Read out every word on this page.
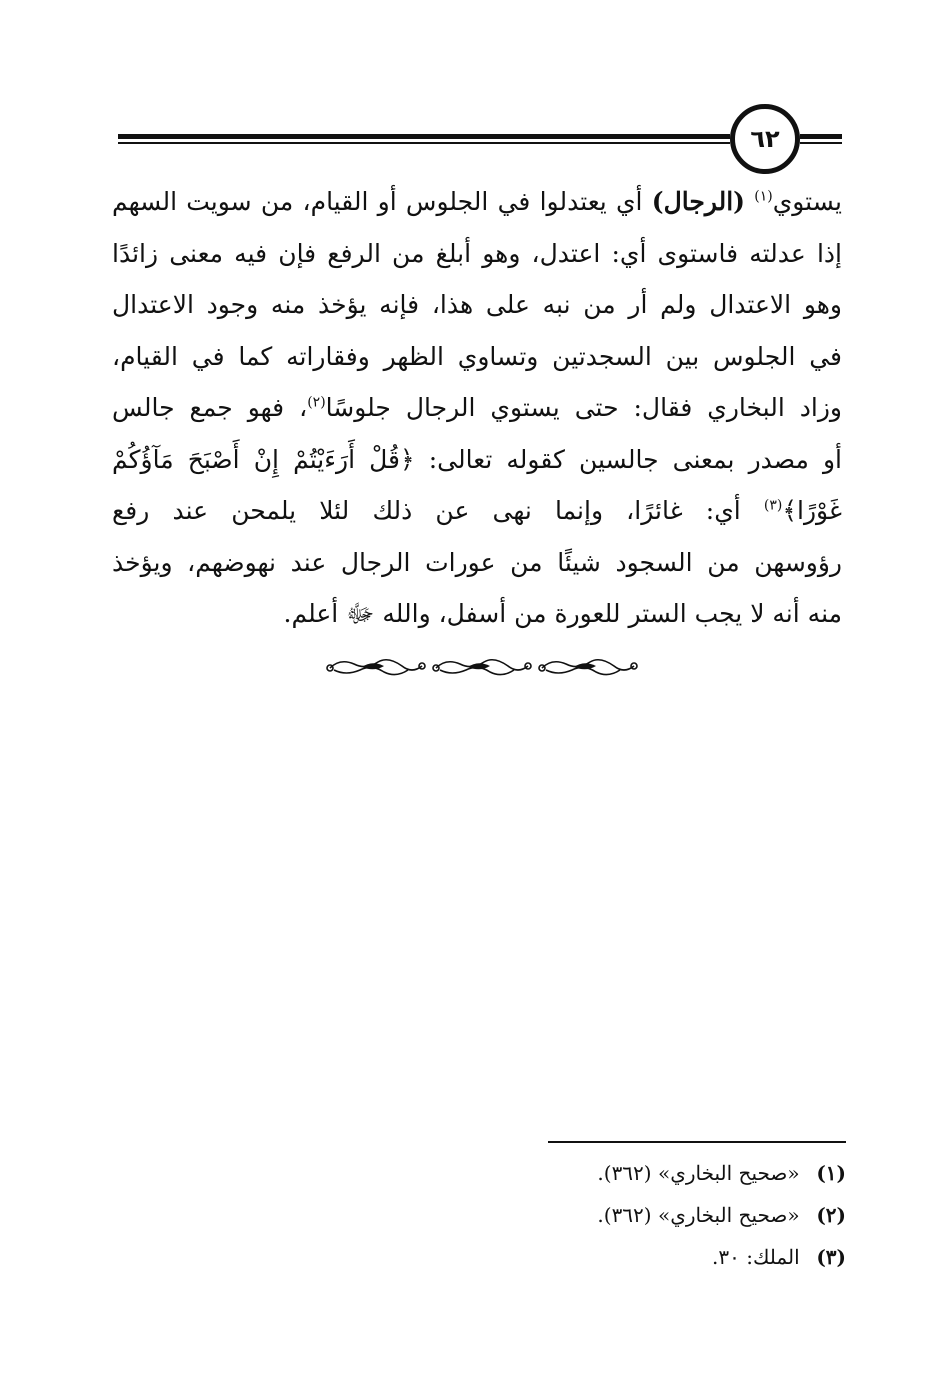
٦٢
يستوي$^{(١)}$ (الرجال) أي يعتدلوا في الجلوس أو القيام، من سويت السهم
إذا عدلته فاستوى أي: اعتدل، وهو أبلغ من الرفع فإن فيه معنى زائدًا
وهو الاعتدال ولم أر من نبه على هذا، فإنه يؤخذ منه وجود الاعتدال
في الجلوس بين السجدتين وتساوي الظهر وفقاراته كما في القيام،
وزاد البخاري فقال: حتى يستوي الرجال جلوسًا$^{(٢)}$، فهو جمع جالس
أو مصدر بمعنى جالسين كقوله تعالى: ﴿قُلْ أَرَءَيْتُمْ إِنْ أَصْبَحَ مَآؤُكُمْ
غَوْرًا﴾$^{(٣)}$ أي: غائرًا، وإنما نهى عن ذلك لئلا يلمحن عند رفع
رؤوسهن من السجود شيئًا من عورات الرجال عند نهوضهم، ويؤخذ
منه أنه لا يجب الستر للعورة من أسفل، والله ﷻ أعلم.
(١) «صحيح البخاري» (٣٦٢).
(٢) «صحيح البخاري» (٣٦٢).
(٣) الملك: ٣٠.
